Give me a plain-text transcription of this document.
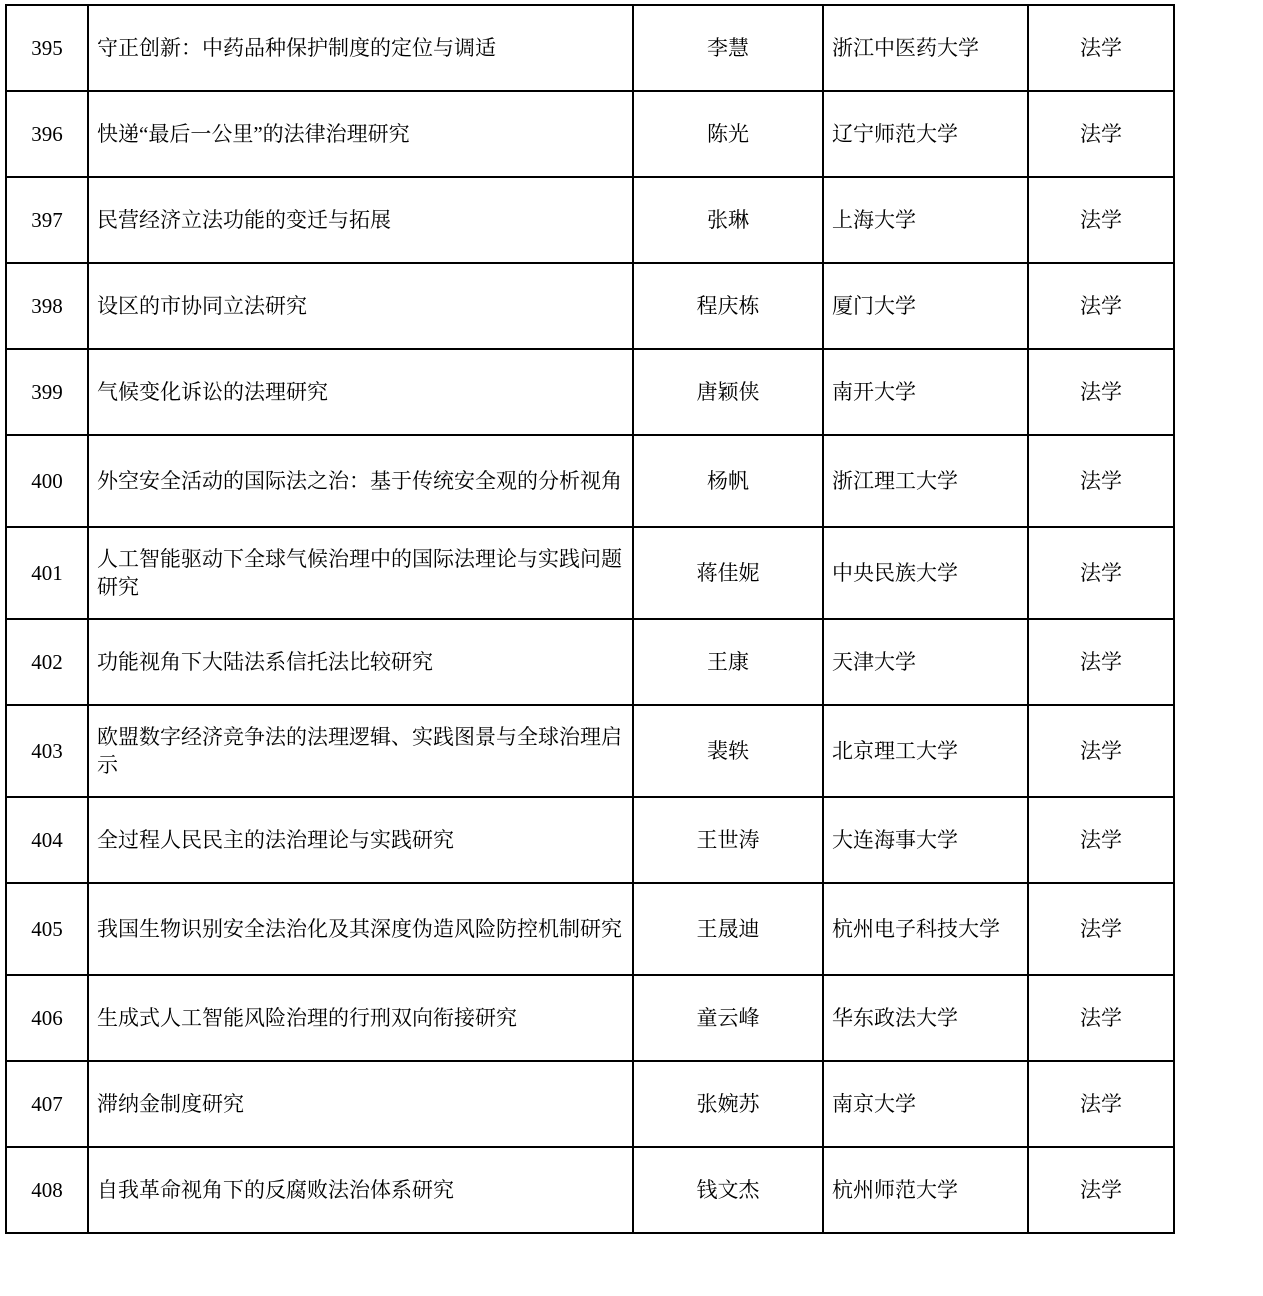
395	守正创新：中药品种保护制度的定位与调适	李慧	浙江中医药大学	法学
396	快递“最后一公里”的法律治理研究	陈光	辽宁师范大学	法学
397	民营经济立法功能的变迁与拓展	张琳	上海大学	法学
398	设区的市协同立法研究	程庆栋	厦门大学	法学
399	气候变化诉讼的法理研究	唐颖侠	南开大学	法学
400	外空安全活动的国际法之治：基于传统安全观的分析视角	杨帆	浙江理工大学	法学
401	人工智能驱动下全球气候治理中的国际法理论与实践问题研究	蒋佳妮	中央民族大学	法学
402	功能视角下大陆法系信托法比较研究	王康	天津大学	法学
403	欧盟数字经济竞争法的法理逻辑、实践图景与全球治理启示	裴轶	北京理工大学	法学
404	全过程人民民主的法治理论与实践研究	王世涛	大连海事大学	法学
405	我国生物识别安全法治化及其深度伪造风险防控机制研究	王晟迪	杭州电子科技大学	法学
406	生成式人工智能风险治理的行刑双向衔接研究	童云峰	华东政法大学	法学
407	滞纳金制度研究	张婉苏	南京大学	法学
408	自我革命视角下的反腐败法治体系研究	钱文杰	杭州师范大学	法学
